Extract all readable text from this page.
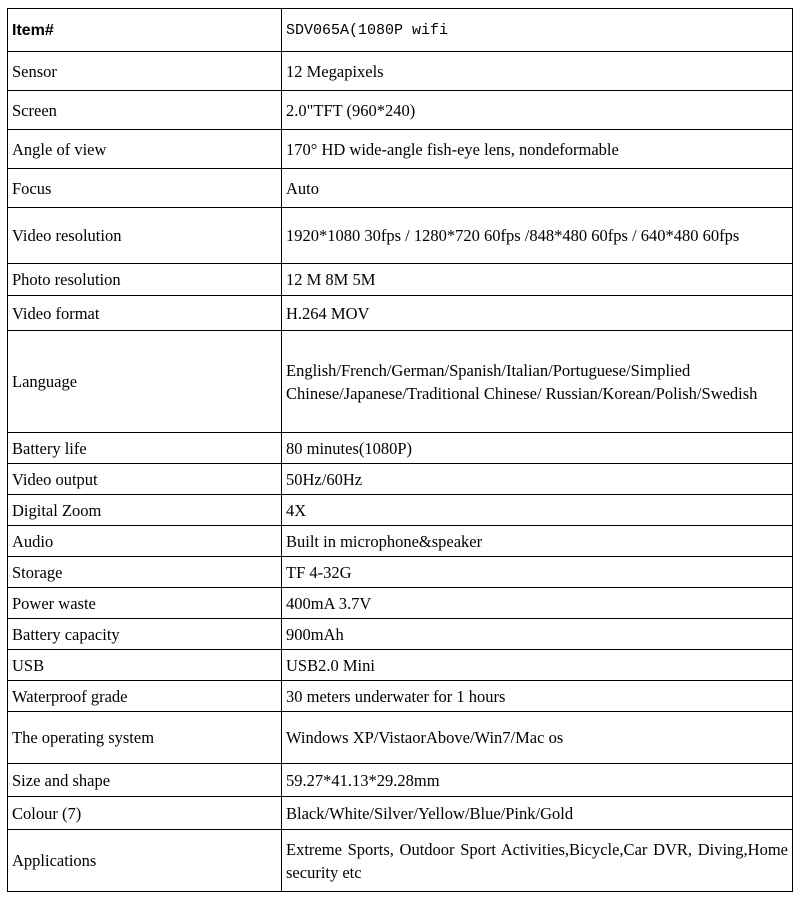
Item#	SDV065A(1080P wifi
Sensor	12 Megapixels
Screen	2.0"TFT (960*240)
Angle of view	170° HD wide-angle fish-eye lens, nondeformable
Focus	Auto
Video resolution	1920*1080 30fps / 1280*720 60fps /848*480 60fps / 640*480 60fps
Photo resolution	12 M 8M 5M
Video format	H.264 MOV
Language	English/French/German/Spanish/Italian/Portuguese/Simplied Chinese/Japanese/Traditional Chinese/ Russian/Korean/Polish/Swedish
Battery life	80 minutes(1080P)
Video output	50Hz/60Hz
Digital Zoom	4X
Audio	Built in microphone&speaker
Storage	TF 4-32G
Power waste	400mA 3.7V
Battery capacity	900mAh
USB	USB2.0 Mini
Waterproof grade	30 meters underwater for 1 hours
The operating system	Windows XP/VistaorAbove/Win7/Mac os
Size and shape	59.27*41.13*29.28mm
Colour (7)	Black/White/Silver/Yellow/Blue/Pink/Gold
Applications	Extreme Sports, Outdoor Sport Activities,Bicycle,Car DVR, Diving,Home security etc
